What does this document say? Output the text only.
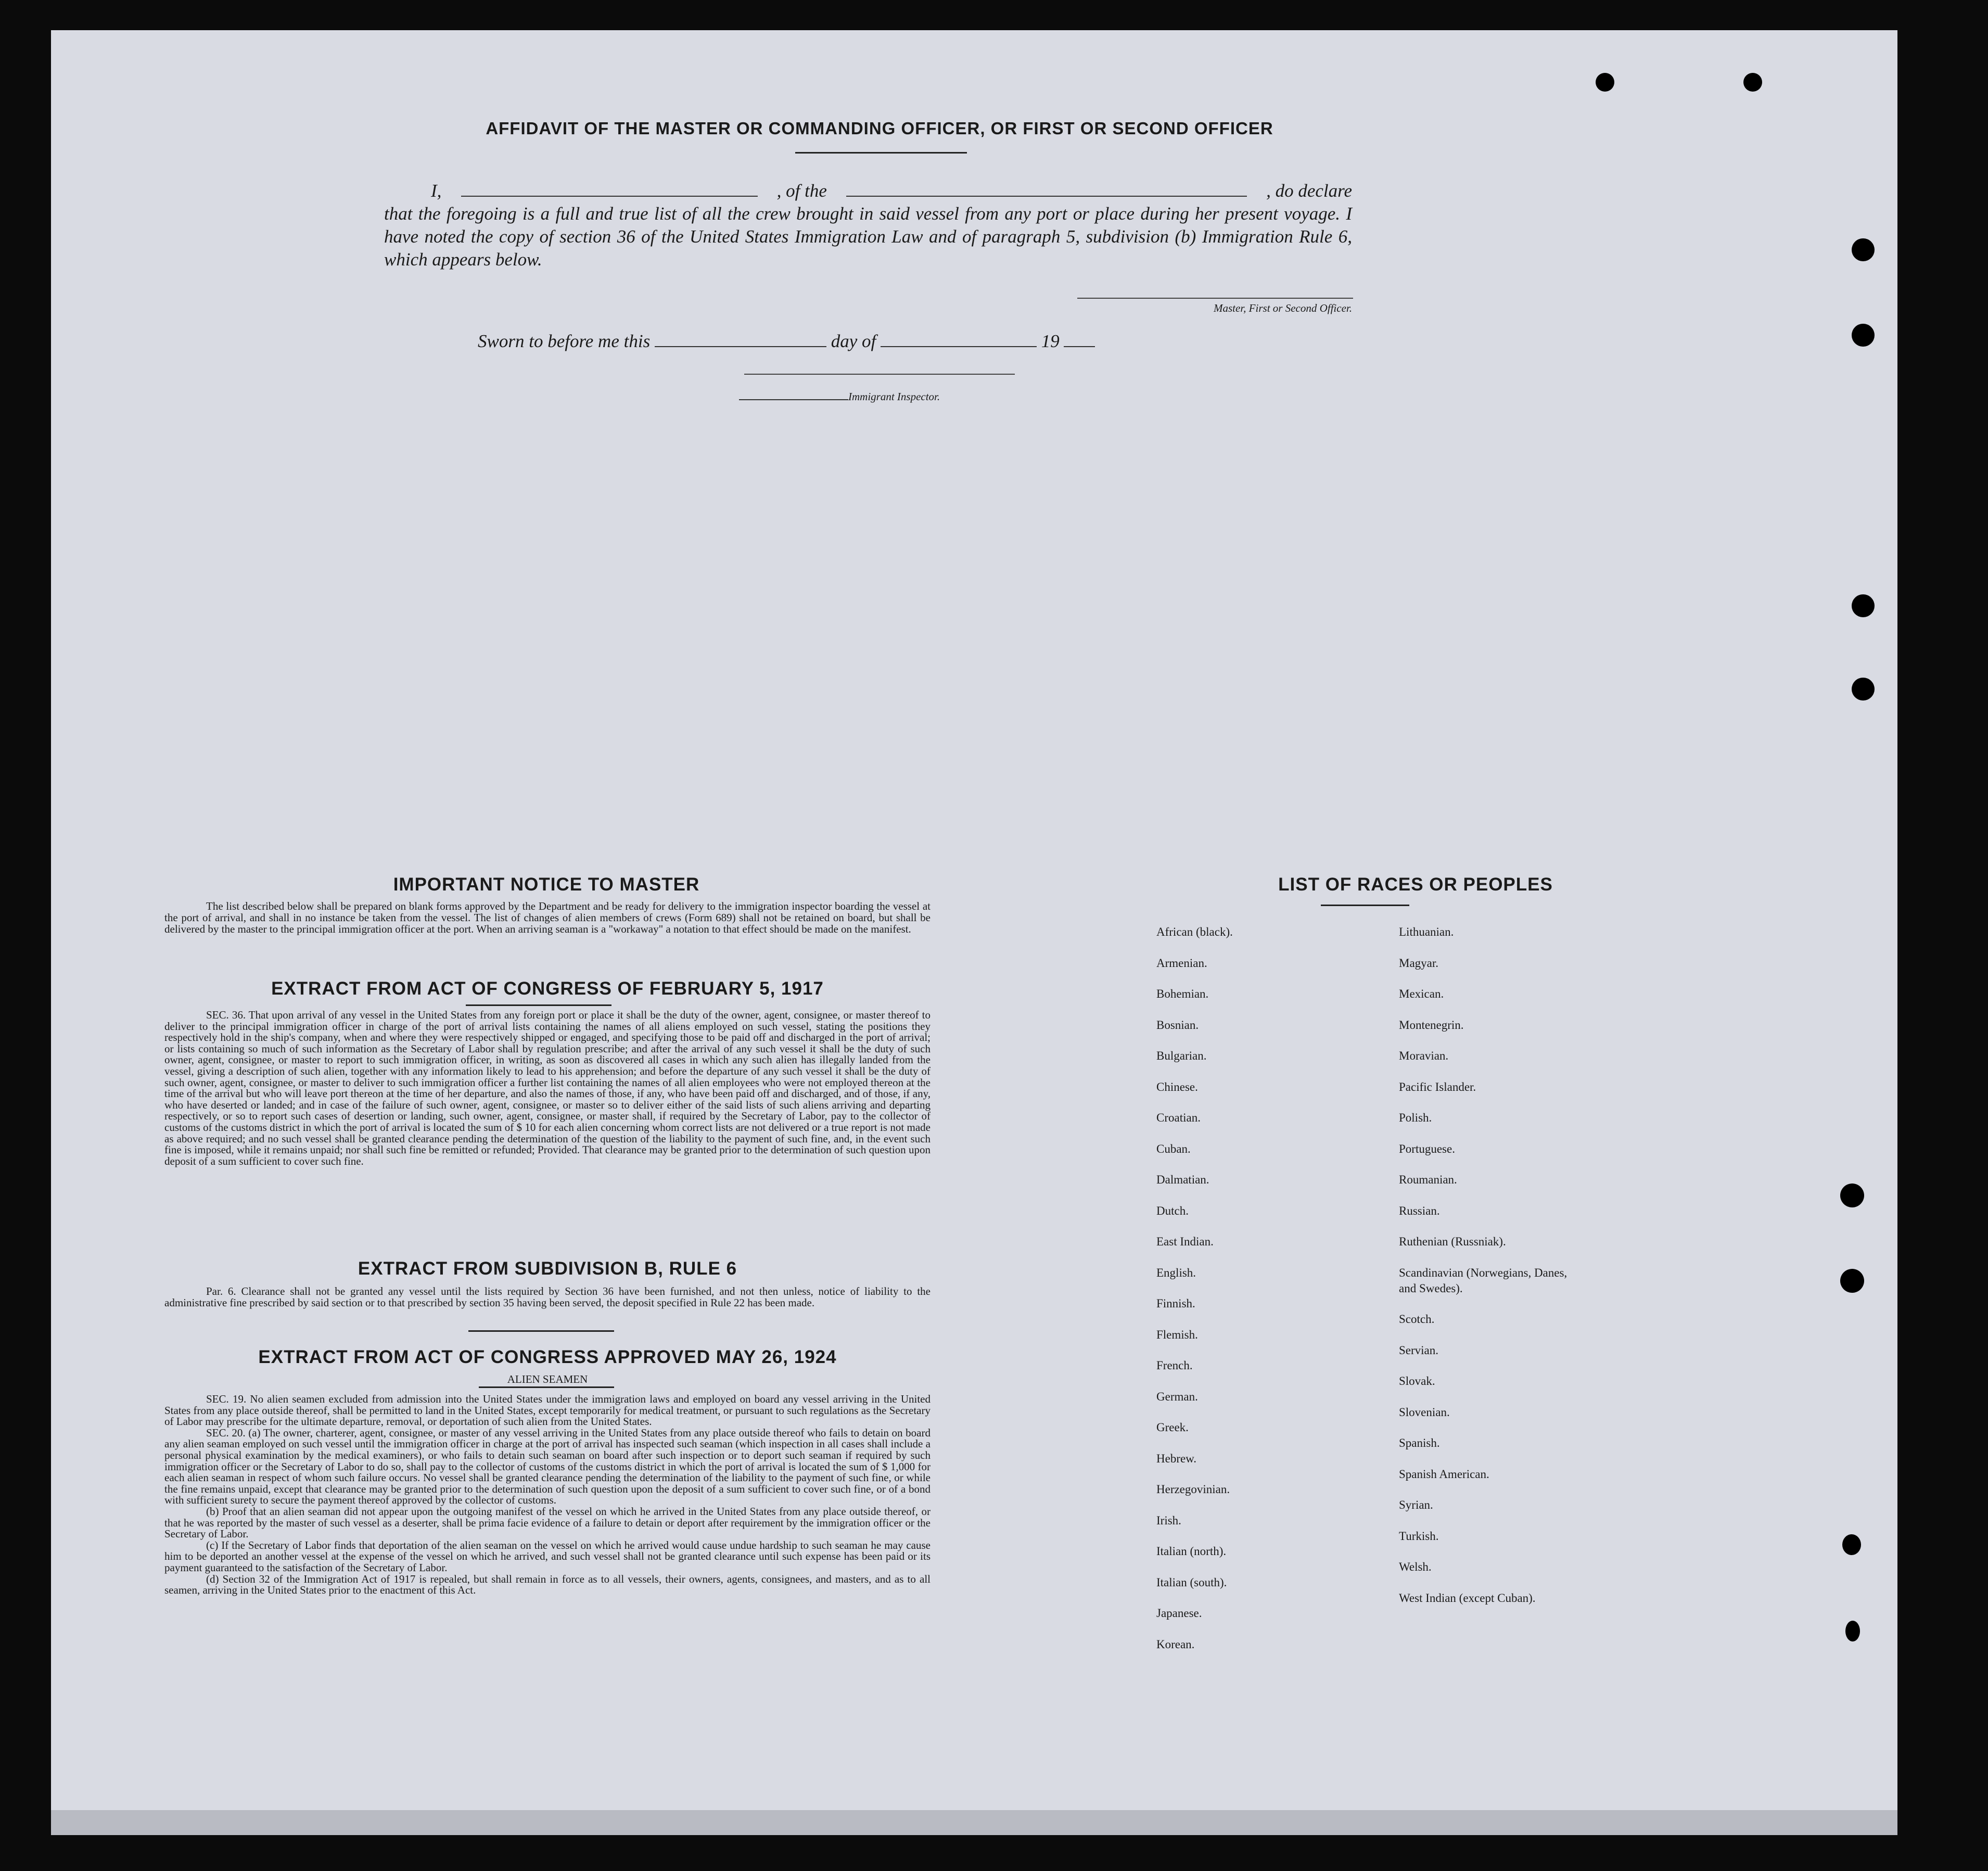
AFFIDAVIT OF THE MASTER OR COMMANDING OFFICER, OR FIRST OR SECOND OFFICER

I,	, of the	, do declare

that the foregoing is a full and true list of all the crew brought in said vessel from any port or place during her present voyage. I have noted the copy of section 36 of the United States Immigration Law and of paragraph 5, subdivision (b) Immigration Rule 6, which appears below.

Master, First or Second Officer.
Sworn to before me this	day of	19
Immigrant Inspector.
IMPORTANT NOTICE TO MASTER

The list described below shall be prepared on blank forms approved by the Department and be ready for delivery to the immigration inspector boarding the vessel at the port of arrival, and shall in no instance be taken from the vessel. The list of changes of alien members of crews (Form 689) shall not be retained on board, but shall be delivered by the master to the principal immigration officer at the port. When an arriving seaman is a "workaway" a notation to that effect should be made on the manifest.

EXTRACT FROM ACT OF CONGRESS OF FEBRUARY 5, 1917

SEC. 36. That upon arrival of any vessel in the United States from any foreign port or place it shall be the duty of the owner, agent, consignee, or master thereof to deliver to the principal immigration officer in charge of the port of arrival lists containing the names of all aliens employed on such vessel, stating the positions they respectively hold in the ship's company, when and where they were respectively shipped or engaged, and specifying those to be paid off and discharged in the port of arrival; or lists containing so much of such information as the Secretary of Labor shall by regulation prescribe; and after the arrival of any such vessel it shall be the duty of such owner, agent, consignee, or master to report to such immigration officer, in writing, as soon as discovered all cases in which any such alien has illegally landed from the vessel, giving a description of such alien, together with any information likely to lead to his apprehension; and before the departure of any such vessel it shall be the duty of such owner, agent, consignee, or master to deliver to such immigration officer a further list containing the names of all alien employees who were not employed thereon at the time of the arrival but who will leave port thereon at the time of her departure, and also the names of those, if any, who have been paid off and discharged, and of those, if any, who have deserted or landed; and in case of the failure of such owner, agent, consignee, or master so to deliver either of the said lists of such aliens arriving and departing respectively, or so to report such cases of desertion or landing, such owner, agent, consignee, or master shall, if required by the Secretary of Labor, pay to the collector of customs of the customs district in which the port of arrival is located the sum of $ 10 for each alien concerning whom correct lists are not delivered or a true report is not made as above required; and no such vessel shall be granted clearance pending the determination of the question of the liability to the payment of such fine, and, in the event such fine is imposed, while it remains unpaid; nor shall such fine be remitted or refunded; Provided. That clearance may be granted prior to the determination of such question upon deposit of a sum sufficient to cover such fine.

EXTRACT FROM SUBDIVISION B, RULE 6

Par. 6. Clearance shall not be granted any vessel until the lists required by Section 36 have been furnished, and not then unless, notice of liability to the administrative fine prescribed by said section or to that prescribed by section 35 having been served, the deposit specified in Rule 22 has been made.

EXTRACT FROM ACT OF CONGRESS APPROVED MAY 26, 1924
ALIEN SEAMEN

SEC. 19. No alien seamen excluded from admission into the United States under the immigration laws and employed on board any vessel arriving in the United States from any place outside thereof, shall be permitted to land in the United States, except temporarily for medical treatment, or pursuant to such regulations as the Secretary of Labor may prescribe for the ultimate departure, removal, or deportation of such alien from the United States.

SEC. 20. (a) The owner, charterer, agent, consignee, or master of any vessel arriving in the United States from any place outside thereof who fails to detain on board any alien seaman employed on such vessel until the immigration officer in charge at the port of arrival has inspected such seaman (which inspection in all cases shall include a personal physical examination by the medical examiners), or who fails to detain such seaman on board after such inspection or to deport such seaman if required by such immigration officer or the Secretary of Labor to do so, shall pay to the collector of customs of the customs district in which the port of arrival is located the sum of $ 1,000 for each alien seaman in respect of whom such failure occurs. No vessel shall be granted clearance pending the determination of the liability to the payment of such fine, or while the fine remains unpaid, except that clearance may be granted prior to the determination of such question upon the deposit of a sum sufficient to cover such fine, or of a bond with sufficient surety to secure the payment thereof approved by the collector of customs.

(b) Proof that an alien seaman did not appear upon the outgoing manifest of the vessel on which he arrived in the United States from any place outside thereof, or that he was reported by the master of such vessel as a deserter, shall be prima facie evidence of a failure to detain or deport after requirement by the immigration officer or the Secretary of Labor.

(c) If the Secretary of Labor finds that deportation of the alien seaman on the vessel on which he arrived would cause undue hardship to such seaman he may cause him to be deported an another vessel at the expense of the vessel on which he arrived, and such vessel shall not be granted clearance until such expense has been paid or its payment guaranteed to the satisfaction of the Secretary of Labor.

(d) Section 32 of the Immigration Act of 1917 is repealed, but shall remain in force as to all vessels, their owners, agents, consignees, and masters, and as to all seamen, arriving in the United States prior to the enactment of this Act.

LIST OF RACES OR PEOPLES
African (black).
Armenian.
Bohemian.
Bosnian.
Bulgarian.
Chinese.
Croatian.
Cuban.
Dalmatian.
Dutch.
East Indian.
English.
Finnish.
Flemish.
French.
German.
Greek.
Hebrew.
Herzegovinian.
Irish.
Italian (north).
Italian (south).
Japanese.
Korean.
Lithuanian.
Magyar.
Mexican.
Montenegrin.
Moravian.
Pacific Islander.
Polish.
Portuguese.
Roumanian.
Russian.
Ruthenian (Russniak).
Scandinavian (Norwegians, Danes, and Swedes).
Scotch.
Servian.
Slovak.
Slovenian.
Spanish.
Spanish American.
Syrian.
Turkish.
Welsh.
West Indian (except Cuban).
